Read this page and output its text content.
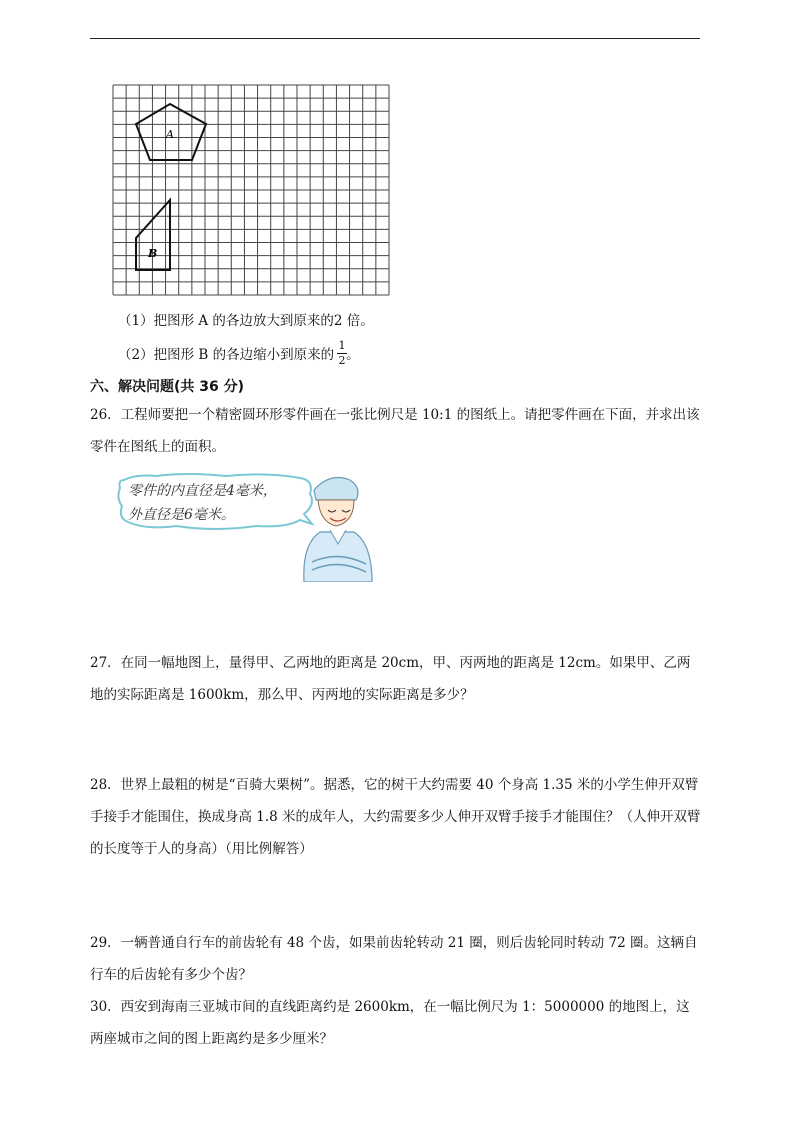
A
B
（1）把图形 A 的各边放大到原来的2 倍。
（2）把图形 B 的各边缩小到原来的 。
1
2
六、解决问题(共 36 分)
26．工程师要把一个精密圆环形零件画在一张比例尺是 10:1 的图纸上。请把零件画在下面，并求出该零件在图纸上的面积。
零件的内直径是4毫米，
外直径是6毫米。
27．在同一幅地图上，量得甲、乙两地的距离是 20cm，甲、丙两地的距离是 12cm。如果甲、乙两地的实际距离是 1600km，那么甲、丙两地的实际距离是多少？
28．世界上最粗的树是“百骑大栗树”。据悉，它的树干大约需要 40 个身高 1.35 米的小学生伸开双臂手接手才能围住，换成身高 1.8 米的成年人，大约需要多少人伸开双臂手接手才能围住？（人伸开双臂的长度等于人的身高）（用比例解答）
29．一辆普通自行车的前齿轮有 48 个齿，如果前齿轮转动 21 圈，则后齿轮同时转动 72 圈。这辆自行车的后齿轮有多少个齿？
30．西安到海南三亚城市间的直线距离约是 2600km，在一幅比例尺为 1：5000000 的地图上，这两座城市之间的图上距离约是多少厘米？
